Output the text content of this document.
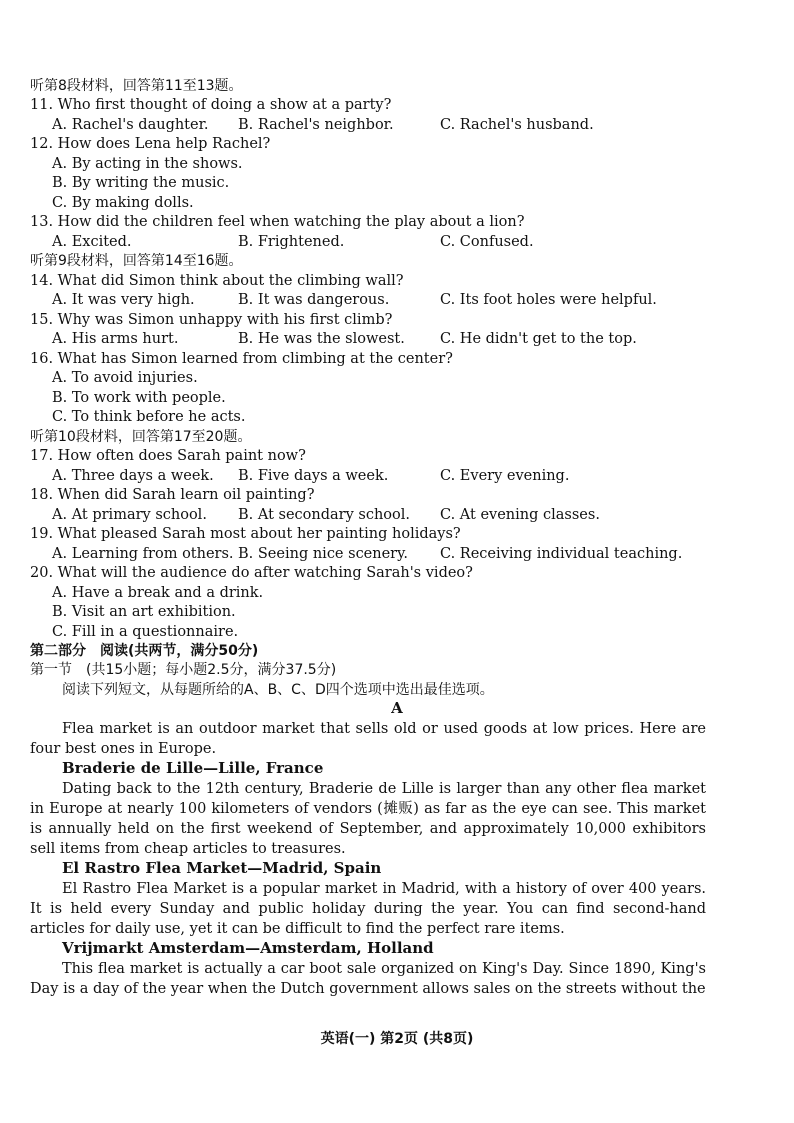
听第8段材料，回答第11至13题。
11. Who first thought of doing a show at a party?
A. Rachel's daughter. B. Rachel's neighbor.	C. Rachel's husband.
12. How does Lena help Rachel?
A. By acting in the shows.
B. By writing the music.
C. By making dolls.
13. How did the children feel when watching the play about a lion?
A. Excited.	B. Frightened.	C. Confused.
听第9段材料，回答第14至16题。
14. What did Simon think about the climbing wall?
A. It was very high.	B. It was dangerous.	C. Its foot holes were helpful.
15. Why was Simon unhappy with his first climb?
A. His arms hurt.	B. He was the slowest. C. He didn't get to the top.
16. What has Simon learned from climbing at the center?
A. To avoid injuries.
B. To work with people.
C. To think before he acts.
听第10段材料，回答第17至20题。
17. How often does Sarah paint now?
A. Three days a week. B. Five days a week.	C. Every evening.
18. When did Sarah learn oil painting?
A. At primary school. B. At secondary school. C. At evening classes.
19. What pleased Sarah most about her painting holidays?
A. Learning from others. B. Seeing nice scenery. C. Receiving individual teaching.
20. What will the audience do after watching Sarah's video?
A. Have a break and a drink.
B. Visit an art exhibition.
C. Fill in a questionnaire.
第二部分　阅读(共两节，满分50分)
第一节　(共15小题；每小题2.5分，满分37.5分)
阅读下列短文，从每题所给的A、B、C、D四个选项中选出最佳选项。
A
Flea market is an outdoor market that sells old or used goods at low prices. Here are four best ones in Europe.
Braderie de Lille—Lille, France
Dating back to the 12th century, Braderie de Lille is larger than any other flea market in Europe at nearly 100 kilometers of vendors (摊贩) as far as the eye can see. This market is annually held on the first weekend of September, and approximately 10,000 exhibitors sell items from cheap articles to treasures.
El Rastro Flea Market—Madrid, Spain
El Rastro Flea Market is a popular market in Madrid, with a history of over 400 years. It is held every Sunday and public holiday during the year. You can find second-hand articles for daily use, yet it can be difficult to find the perfect rare items.
Vrijmarkt Amsterdam—Amsterdam, Holland
This flea market is actually a car boot sale organized on King's Day. Since 1890, King's Day is a day of the year when the Dutch government allows sales on the streets without the
英语(一) 第2页 (共8页)
